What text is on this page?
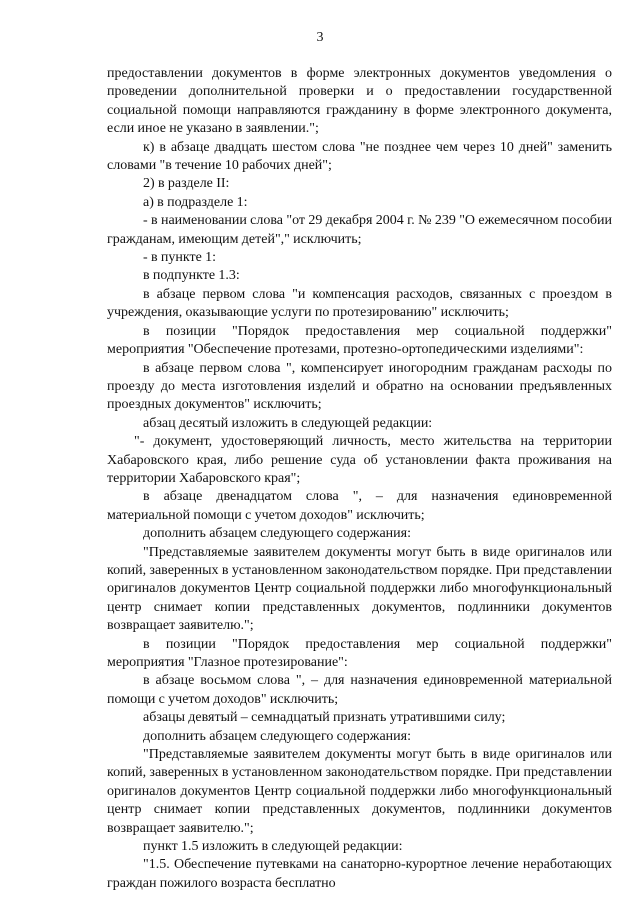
3

предоставлении документов в форме электронных документов уведомления о проведении дополнительной проверки и о предоставлении государственной социальной помощи направляются гражданину в форме электронного документа, если иное не указано в заявлении.";

к) в абзаце двадцать шестом слова "не позднее чем через 10 дней" заменить словами "в течение 10 рабочих дней";

2) в разделе II:

а) в подразделе 1:

- в наименовании слова "от 29 декабря 2004 г. № 239 "О ежемесячном пособии гражданам, имеющим детей"," исключить;

- в пункте 1:

в подпункте 1.3:

в абзаце первом слова "и компенсация расходов, связанных с проездом в учреждения, оказывающие услуги по протезированию" исключить;

в позиции "Порядок предоставления мер социальной поддержки" мероприятия "Обеспечение протезами, протезно-ортопедическими изделиями":

в абзаце первом слова ", компенсирует иногородним гражданам расходы по проезду до места изготовления изделий и обратно на основании предъявленных проездных документов" исключить;

абзац десятый изложить в следующей редакции:

"- документ, удостоверяющий личность, место жительства на территории Хабаровского края, либо решение суда об установлении факта проживания на территории Хабаровского края";

в абзаце двенадцатом слова ", – для назначения единовременной материальной помощи с учетом доходов" исключить;

дополнить абзацем следующего содержания:

"Представляемые заявителем документы могут быть в виде оригиналов или копий, заверенных в установленном законодательством порядке. При представлении оригиналов документов Центр социальной поддержки либо многофункциональный центр снимает копии представленных документов, подлинники документов возвращает заявителю.";

в позиции "Порядок предоставления мер социальной поддержки" мероприятия "Глазное протезирование":

в абзаце восьмом слова ", – для назначения единовременной материальной помощи с учетом доходов" исключить;

абзацы девятый – семнадцатый признать утратившими силу;

дополнить абзацем следующего содержания:

"Представляемые заявителем документы могут быть в виде оригиналов или копий, заверенных в установленном законодательством порядке. При представлении оригиналов документов Центр социальной поддержки либо многофункциональный центр снимает копии представленных документов, подлинники документов возвращает заявителю.";

пункт 1.5 изложить в следующей редакции:

"1.5. Обеспечение путевками на санаторно-курортное лечение неработающих граждан пожилого возраста бесплатно
